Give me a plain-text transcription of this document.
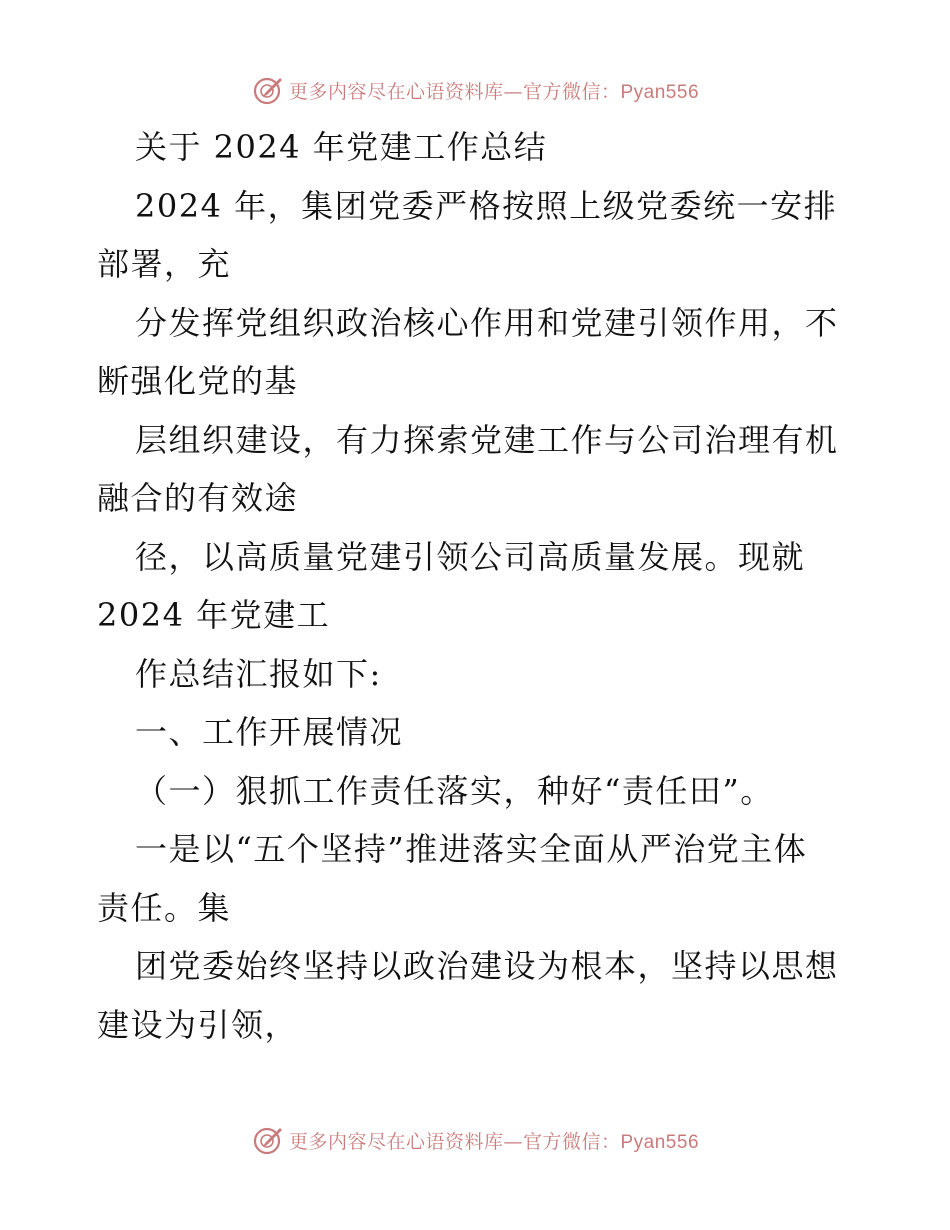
更多内容尽在心语资料库—官方微信：Pyan556
关于 2024 年党建工作总结
2024 年，集团党委严格按照上级党委统一安排
部署，充
分发挥党组织政治核心作用和党建引领作用，不
断强化党的基
层组织建设，有力探索党建工作与公司治理有机
融合的有效途
径，以高质量党建引领公司高质量发展。现就
2024 年党建工
作总结汇报如下:
一、工作开展情况
（一）狠抓工作责任落实，种好“责任田”。
一是以“五个坚持”推进落实全面从严治党主体
责任。集
团党委始终坚持以政治建设为根本，坚持以思想
建设为引领，
更多内容尽在心语资料库—官方微信：Pyan556
